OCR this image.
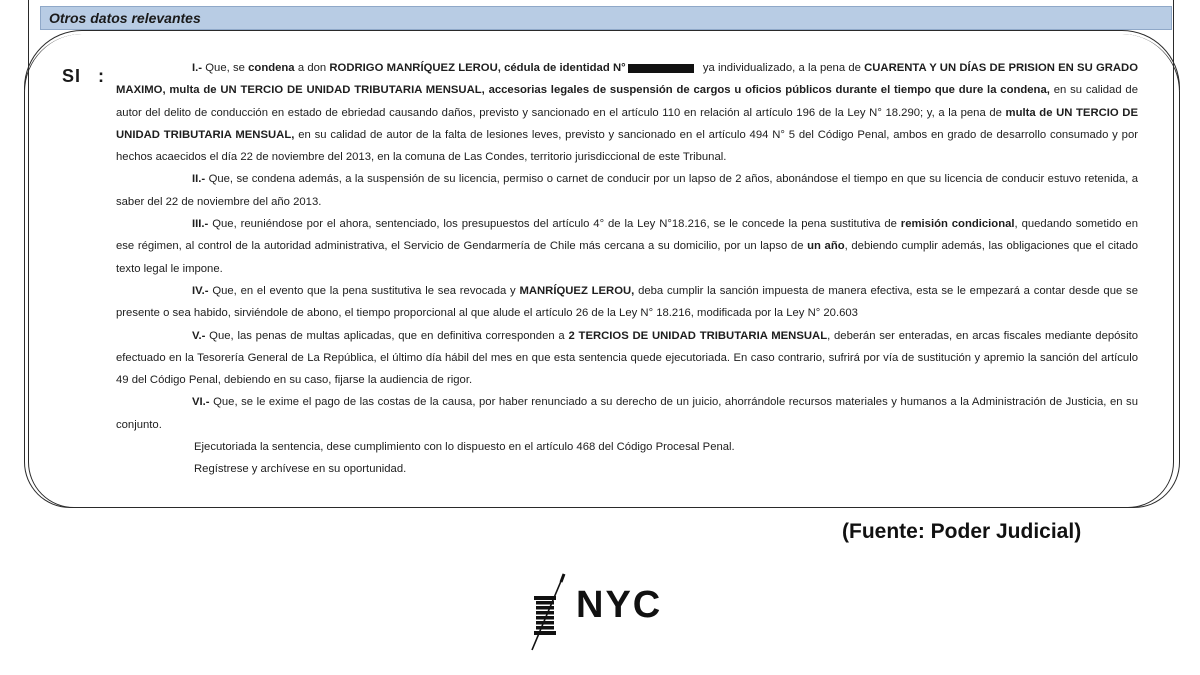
Otros datos relevantes
SI :	I.- Que, se condena a don RODRIGO MANRÍQUEZ LEROU, cédula de identidad N°	ya individualizado, a la pena de CUARENTA Y UN DÍAS DE PRISION EN SU GRADO MAXIMO, multa de UN TERCIO DE UNIDAD TRIBUTARIA MENSUAL, accesorias legales de suspensión de cargos u oficios públicos durante el tiempo que dure la condena, en su calidad de autor del delito de conducción en estado de ebriedad causando daños, previsto y sancionado en el artículo 110 en relación al artículo 196 de la Ley N° 18.290; y, a la pena de multa de UN TERCIO DE UNIDAD TRIBUTARIA MENSUAL, en su calidad de autor de la falta de lesiones leves, previsto y sancionado en el artículo 494 N° 5 del Código Penal, ambos en grado de desarrollo consumado y por hechos acaecidos el día 22 de noviembre del 2013, en la comuna de Las Condes, territorio jurisdiccional de este Tribunal.

II.- Que, se condena además, a la suspensión de su licencia, permiso o carnet de conducir por un lapso de 2 años, abonándose el tiempo en que su licencia de conducir estuvo retenida, a saber del 22 de noviembre del año 2013.

III.- Que, reuniéndose por el ahora, sentenciado, los presupuestos del artículo 4° de la Ley N°18.216, se le concede la pena sustitutiva de remisión condicional, quedando sometido en ese régimen, al control de la autoridad administrativa, el Servicio de Gendarmería de Chile más cercana a su domicilio, por un lapso de un año, debiendo cumplir además, las obligaciones que el citado texto legal le impone.

IV.- Que, en el evento que la pena sustitutiva le sea revocada y MANRÍQUEZ LEROU, deba cumplir la sanción impuesta de manera efectiva, esta se le empezará a contar desde que se presente o sea habido, sirviéndole de abono, el tiempo proporcional al que alude el artículo 26 de la Ley N° 18.216, modificada por la Ley N° 20.603

V.- Que, las penas de multas aplicadas, que en definitiva corresponden a 2 TERCIOS DE UNIDAD TRIBUTARIA MENSUAL, deberán ser enteradas, en arcas fiscales mediante depósito efectuado en la Tesorería General de La República, el último día hábil del mes en que esta sentencia quede ejecutoriada. En caso contrario, sufrirá por vía de sustitución y apremio la sanción del artículo 49 del Código Penal, debiendo en su caso, fijarse la audiencia de rigor.

VI.- Que, se le exime el pago de las costas de la causa, por haber renunciado a su derecho de un juicio, ahorrándole recursos materiales y humanos a la Administración de Justicia, en su conjunto.

Ejecutoriada la sentencia, dese cumplimiento con lo dispuesto en el artículo 468 del Código Procesal Penal.

Regístrese y archívese en su oportunidad.

(Fuente: Poder Judicial)
NYC
